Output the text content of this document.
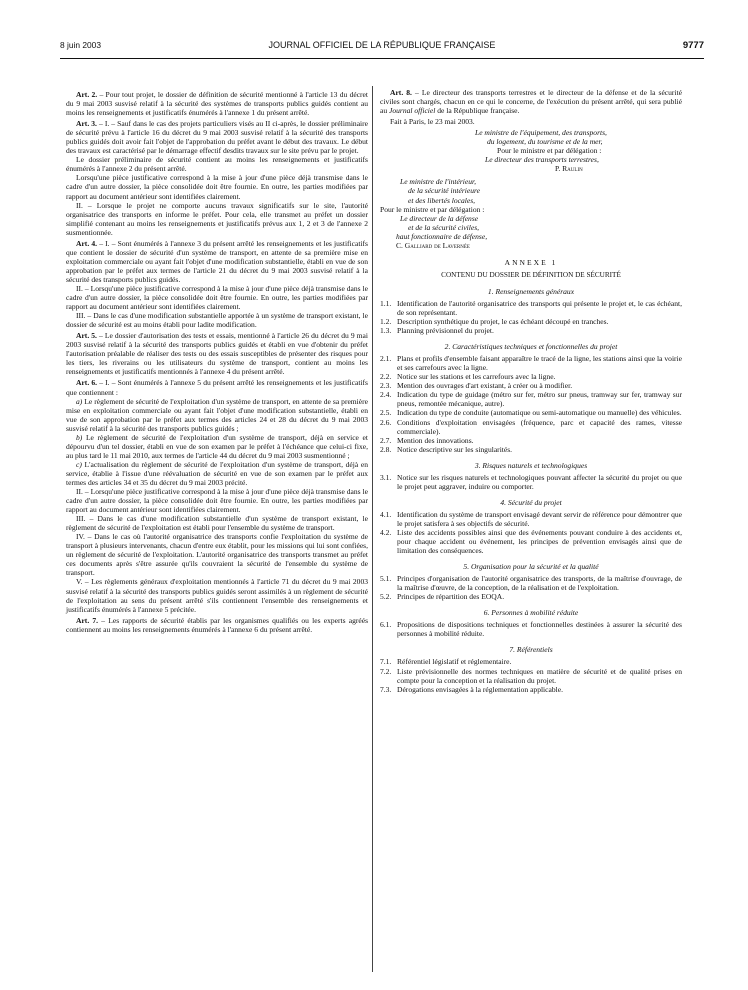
8 juin 2003	JOURNAL OFFICIEL DE LA RÉPUBLIQUE FRANÇAISE	9777

Art. 2. – Pour tout projet, le dossier de définition de sécurité mentionné à l'article 13 du décret du 9 mai 2003 susvisé relatif à la sécurité des systèmes de transports publics guidés contient au moins les renseignements et justificatifs énumérés à l'annexe 1 du présent arrêté.

Art. 3. – I. – Sauf dans le cas des projets particuliers visés au II ci-après, le dossier préliminaire de sécurité prévu à l'article 16 du décret du 9 mai 2003 susvisé relatif à la sécurité des transports publics guidés doit avoir fait l'objet de l'approbation du préfet avant le début des travaux. Le début des travaux est caractérisé par le démarrage effectif desdits travaux sur le site prévu par le projet.

Le dossier préliminaire de sécurité contient au moins les renseignements et justificatifs énumérés à l'annexe 2 du présent arrêté.

Lorsqu'une pièce justificative correspond à la mise à jour d'une pièce déjà transmise dans le cadre d'un autre dossier, la pièce consolidée doit être fournie. En outre, les parties modifiées par rapport au document antérieur sont identifiées clairement.

II. – Lorsque le projet ne comporte aucuns travaux significatifs sur le site, l'autorité organisatrice des transports en informe le préfet. Pour cela, elle transmet au préfet un dossier simplifié contenant au moins les renseignements et justificatifs prévus aux 1, 2 et 3 de l'annexe 2 susmentionnée.

Art. 4. – I. – Sont énumérés à l'annexe 3 du présent arrêté les renseignements et les justificatifs que contient le dossier de sécurité d'un système de transport, en attente de sa première mise en exploitation commerciale ou ayant fait l'objet d'une modification substantielle, établi en vue de son approbation par le préfet aux termes de l'article 21 du décret du 9 mai 2003 susvisé relatif à la sécurité des transports publics guidés.

II. – Lorsqu'une pièce justificative correspond à la mise à jour d'une pièce déjà transmise dans le cadre d'un autre dossier, la pièce consolidée doit être fournie. En outre, les parties modifiées par rapport au document antérieur sont identifiées clairement.

III. – Dans le cas d'une modification substantielle apportée à un système de transport existant, le dossier de sécurité est au moins établi pour ladite modification.

Art. 5. – Le dossier d'autorisation des tests et essais, mentionné à l'article 26 du décret du 9 mai 2003 susvisé relatif à la sécurité des transports publics guidés et établi en vue d'obtenir du préfet l'autorisation préalable de réaliser des tests ou des essais susceptibles de présenter des risques pour les tiers, les riverains ou les utilisateurs du système de transport, contient au moins les renseignements et justificatifs mentionnés à l'annexe 4 du présent arrêté.

Art. 6. – I. – Sont énumérés à l'annexe 5 du présent arrêté les renseignements et les justificatifs que contiennent :

a) Le règlement de sécurité de l'exploitation d'un système de transport, en attente de sa première mise en exploitation commerciale ou ayant fait l'objet d'une modification substantielle, établi en vue de son approbation par le préfet aux termes des articles 24 et 28 du décret du 9 mai 2003 susvisé relatif à la sécurité des transports publics guidés ;

b) Le règlement de sécurité de l'exploitation d'un système de transport, déjà en service et dépourvu d'un tel dossier, établi en vue de son examen par le préfet à l'échéance que celui-ci fixe, au plus tard le 11 mai 2010, aux termes de l'article 44 du décret du 9 mai 2003 susmentionné ;

c) L'actualisation du règlement de sécurité de l'exploitation d'un système de transport, déjà en service, établie à l'issue d'une réévaluation de sécurité en vue de son examen par le préfet aux termes des articles 34 et 35 du décret du 9 mai 2003 précité.

II. – Lorsqu'une pièce justificative correspond à la mise à jour d'une pièce déjà transmise dans le cadre d'un autre dossier, la pièce consolidée doit être fournie. En outre, les parties modifiées par rapport au document antérieur sont identifiées clairement.

III. – Dans le cas d'une modification substantielle d'un système de transport existant, le règlement de sécurité de l'exploitation est établi pour l'ensemble du système de transport.

IV. – Dans le cas où l'autorité organisatrice des transports confie l'exploitation du système de transport à plusieurs intervenants, chacun d'entre eux établit, pour les missions qui lui sont confiées, un règlement de sécurité de l'exploitation. L'autorité organisatrice des transports transmet au préfet ces documents après s'être assurée qu'ils couvraient la sécurité de l'ensemble du système de transport.

V. – Les règlements généraux d'exploitation mentionnés à l'article 71 du décret du 9 mai 2003 susvisé relatif à la sécurité des transports publics guidés seront assimilés à un règlement de sécurité de l'exploitation au sens du présent arrêté s'ils contiennent l'ensemble des renseignements et justificatifs énumérés à l'annexe 5 précitée.

Art. 7. – Les rapports de sécurité établis par les organismes qualifiés ou les experts agréés contiennent au moins les renseignements énumérés à l'annexe 6 du présent arrêté.

Art. 8. – Le directeur des transports terrestres et le directeur de la défense et de la sécurité civiles sont chargés, chacun en ce qui le concerne, de l'exécution du présent arrêté, qui sera publié au Journal officiel de la République française.

Fait à Paris, le 23 mai 2003.

Le ministre de l'équipement, des transports,
du logement, du tourisme et de la mer,
Pour le ministre et par délégation :
Le directeur des transports terrestres,
P. Raulin
Le ministre de l'intérieur,
de la sécurité intérieure
et des libertés locales,
Pour le ministre et par délégation :
Le directeur de la défense
et de la sécurité civiles,
haut fonctionnaire de défense,
C. Galliard de Lavernée
ANNEXE 1
CONTENU DU DOSSIER DE DÉFINITION DE SÉCURITÉ
1. Renseignements généraux

1.1. Identification de l'autorité organisatrice des transports qui présente le projet et, le cas échéant, de son représentant.

1.2. Description synthétique du projet, le cas échéant découpé en tranches.

1.3. Planning prévisionnel du projet.

2. Caractéristiques techniques et fonctionnelles du projet

2.1. Plans et profils d'ensemble faisant apparaître le tracé de la ligne, les stations ainsi que la voirie et ses carrefours avec la ligne.

2.2. Notice sur les stations et les carrefours avec la ligne.

2.3. Mention des ouvrages d'art existant, à créer ou à modifier.

2.4. Indication du type de guidage (métro sur fer, métro sur pneus, tramway sur fer, tramway sur pneus, remontée mécanique, autre).

2.5. Indication du type de conduite (automatique ou semi-automatique ou manuelle) des véhicules.

2.6. Conditions d'exploitation envisagées (fréquence, parc et capacité des rames, vitesse commerciale).

2.7. Mention des innovations.

2.8. Notice descriptive sur les singularités.

3. Risques naturels et technologiques

3.1. Notice sur les risques naturels et technologiques pouvant affecter la sécurité du projet ou que le projet peut aggraver, induire ou comporter.

4. Sécurité du projet

4.1. Identification du système de transport envisagé devant servir de référence pour démontrer que le projet satisfera à ses objectifs de sécurité.

4.2. Liste des accidents possibles ainsi que des événements pouvant conduire à des accidents et, pour chaque accident ou événement, les principes de prévention envisagés ainsi que de limitation des conséquences.

5. Organisation pour la sécurité et la qualité

5.1. Principes d'organisation de l'autorité organisatrice des transports, de la maîtrise d'ouvrage, de la maîtrise d'œuvre, de la conception, de la réalisation et de l'exploitation.

5.2. Principes de répartition des EOQA.

6. Personnes à mobilité réduite

6.1. Propositions de dispositions techniques et fonctionnelles destinées à assurer la sécurité des personnes à mobilité réduite.

7. Référentiels

7.1. Référentiel législatif et réglementaire.

7.2. Liste prévisionnelle des normes techniques en matière de sécurité et de qualité prises en compte pour la conception et la réalisation du projet.

7.3. Dérogations envisagées à la réglementation applicable.
